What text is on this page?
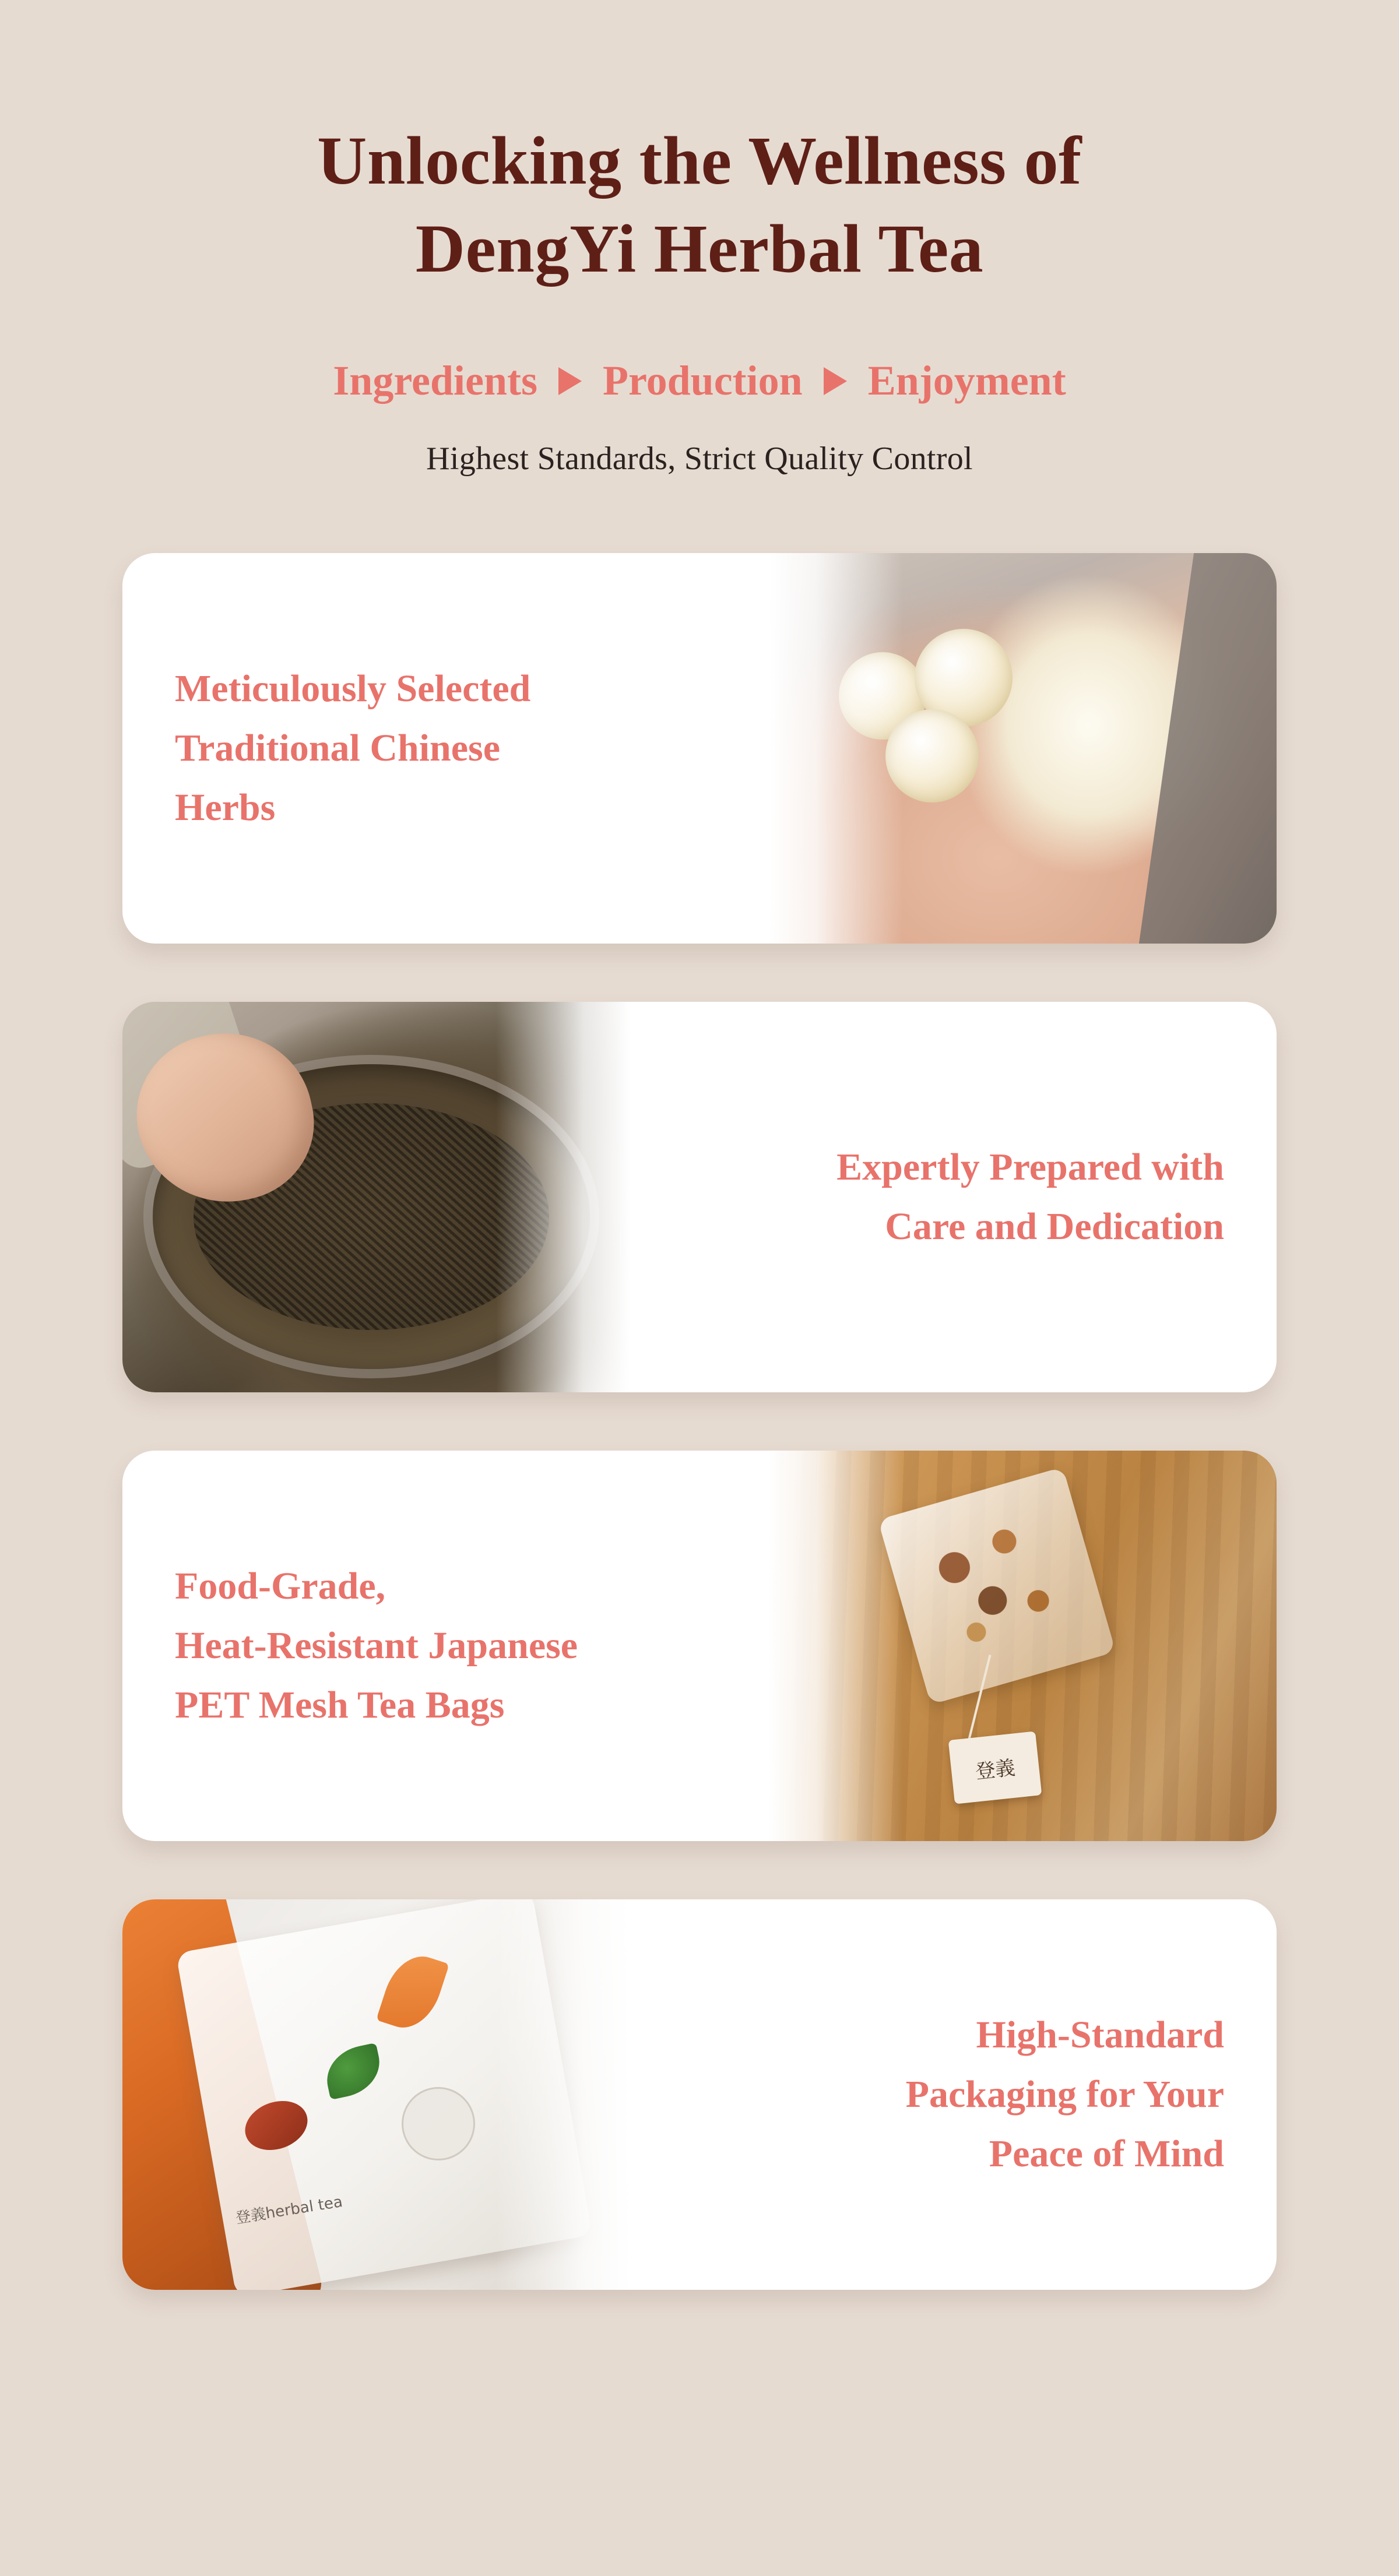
Unlocking the Wellness of
DengYi Herbal Tea
Ingredients Production Enjoyment
Highest Standards, Strict Quality Control
Meticulously Selected
Traditional Chinese
Herbs
Expertly Prepared with
Care and Dedication
Food-Grade,
Heat-Resistant Japanese
PET Mesh Tea Bags
登義
High-Standard
Packaging for Your
Peace of Mind
登義herbal tea
